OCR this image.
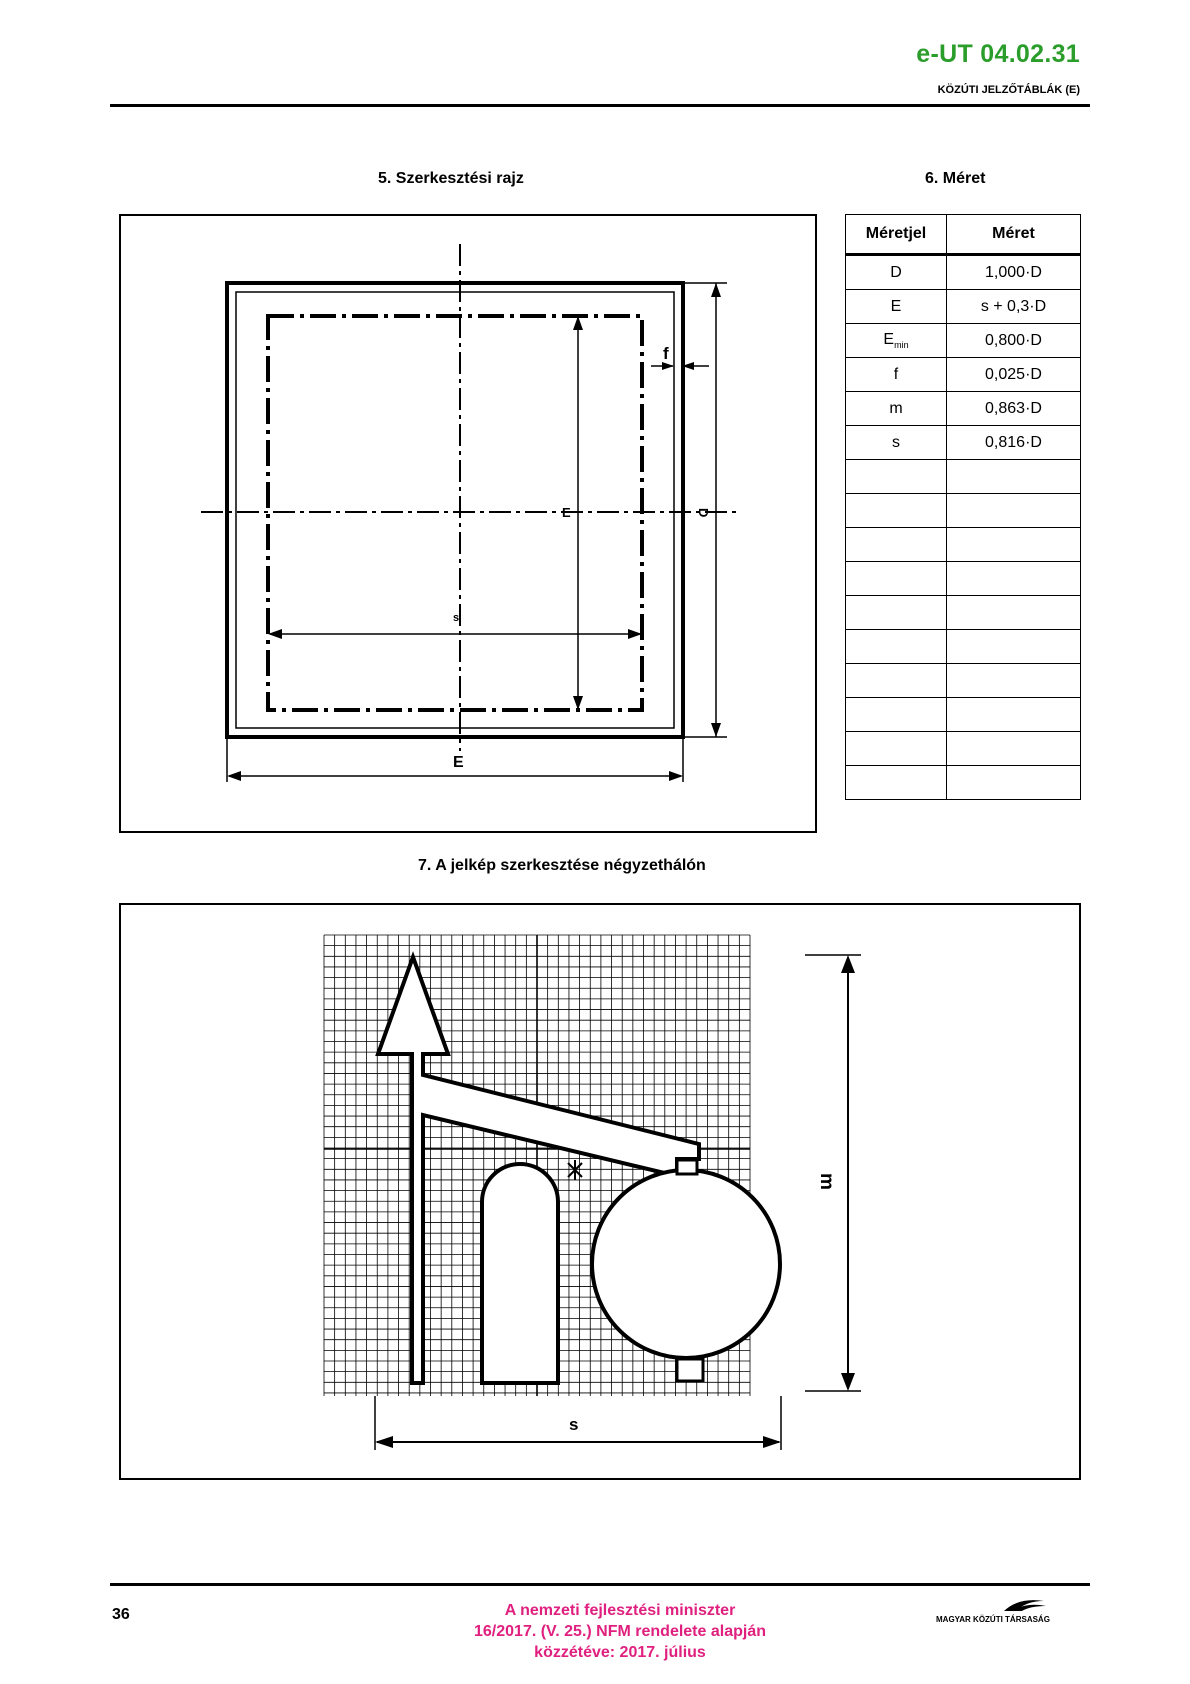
e-UT 04.02.31
KÖZÚTI JELZŐTÁBLÁK (E)
5. Szerkesztési rajz	6. Méret
E	D
s
E
f
Méretjel	Méret
D	1,000·D
E	s + 0,3·D
$E_{min}$	0,800·D
f	0,025·D
m	0,863·D
s	0,816·D

7. A jelkép szerkesztése négyzethálón
m
s
36	A nemzeti fejlesztési miniszter
16/2017. (V. 25.) NFM rendelete alapján
közzétéve: 2017. július
MAGYAR KÖZÚTI TÁRSASÁG
